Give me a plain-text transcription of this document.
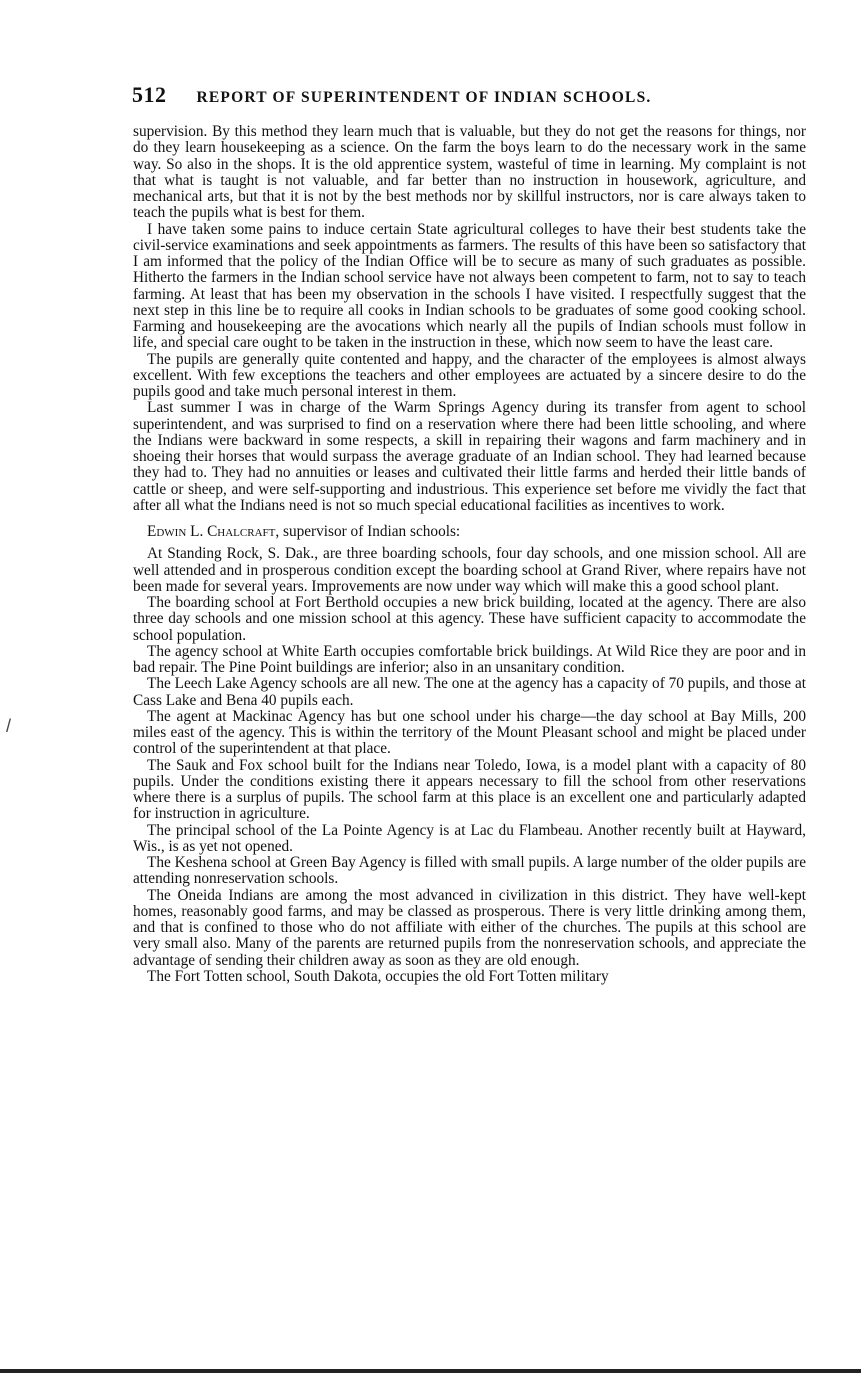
512 REPORT OF SUPERINTENDENT OF INDIAN SCHOOLS.

supervision. By this method they learn much that is valuable, but they do not get the reasons for things, nor do they learn housekeeping as a science. On the farm the boys learn to do the necessary work in the same way. So also in the shops. It is the old apprentice system, wasteful of time in learning. My complaint is not that what is taught is not valuable, and far better than no instruction in housework, agriculture, and mechanical arts, but that it is not by the best methods nor by skillful instructors, nor is care always taken to teach the pupils what is best for them.

I have taken some pains to induce certain State agricultural colleges to have their best students take the civil-service examinations and seek appointments as farmers. The results of this have been so satisfactory that I am informed that the policy of the Indian Office will be to secure as many of such graduates as possible. Hitherto the farmers in the Indian school service have not always been competent to farm, not to say to teach farming. At least that has been my observation in the schools I have visited. I respectfully suggest that the next step in this line be to require all cooks in Indian schools to be graduates of some good cooking school. Farming and housekeeping are the avocations which nearly all the pupils of Indian schools must follow in life, and special care ought to be taken in the instruction in these, which now seem to have the least care.

The pupils are generally quite contented and happy, and the character of the employees is almost always excellent. With few exceptions the teachers and other employees are actuated by a sincere desire to do the pupils good and take much personal interest in them.

Last summer I was in charge of the Warm Springs Agency during its transfer from agent to school superintendent, and was surprised to find on a reservation where there had been little schooling, and where the Indians were backward in some respects, a skill in repairing their wagons and farm machinery and in shoeing their horses that would surpass the average graduate of an Indian school. They had learned because they had to. They had no annuities or leases and cultivated their little farms and herded their little bands of cattle or sheep, and were self-supporting and industrious. This experience set before me vividly the fact that after all what the Indians need is not so much special educational facilities as incentives to work.

Edwin L. Chalcraft, supervisor of Indian schools:

At Standing Rock, S. Dak., are three boarding schools, four day schools, and one mission school. All are well attended and in prosperous condition except the boarding school at Grand River, where repairs have not been made for several years. Improvements are now under way which will make this a good school plant.

The boarding school at Fort Berthold occupies a new brick building, located at the agency. There are also three day schools and one mission school at this agency. These have sufficient capacity to accommodate the school population.

The agency school at White Earth occupies comfortable brick buildings. At Wild Rice they are poor and in bad repair. The Pine Point buildings are inferior; also in an unsanitary condition.

The Leech Lake Agency schools are all new. The one at the agency has a capacity of 70 pupils, and those at Cass Lake and Bena 40 pupils each.

The agent at Mackinac Agency has but one school under his charge—the day school at Bay Mills, 200 miles east of the agency. This is within the territory of the Mount Pleasant school and might be placed under control of the superintendent at that place.

The Sauk and Fox school built for the Indians near Toledo, Iowa, is a model plant with a capacity of 80 pupils. Under the conditions existing there it appears necessary to fill the school from other reservations where there is a surplus of pupils. The school farm at this place is an excellent one and particularly adapted for instruction in agriculture.

The principal school of the La Pointe Agency is at Lac du Flambeau. Another recently built at Hayward, Wis., is as yet not opened.

The Keshena school at Green Bay Agency is filled with small pupils. A large number of the older pupils are attending nonreservation schools.

The Oneida Indians are among the most advanced in civilization in this district. They have well-kept homes, reasonably good farms, and may be classed as prosperous. There is very little drinking among them, and that is confined to those who do not affiliate with either of the churches. The pupils at this school are very small also. Many of the parents are returned pupils from the nonreservation schools, and appreciate the advantage of sending their children away as soon as they are old enough.

The Fort Totten school, South Dakota, occupies the old Fort Totten military

/
